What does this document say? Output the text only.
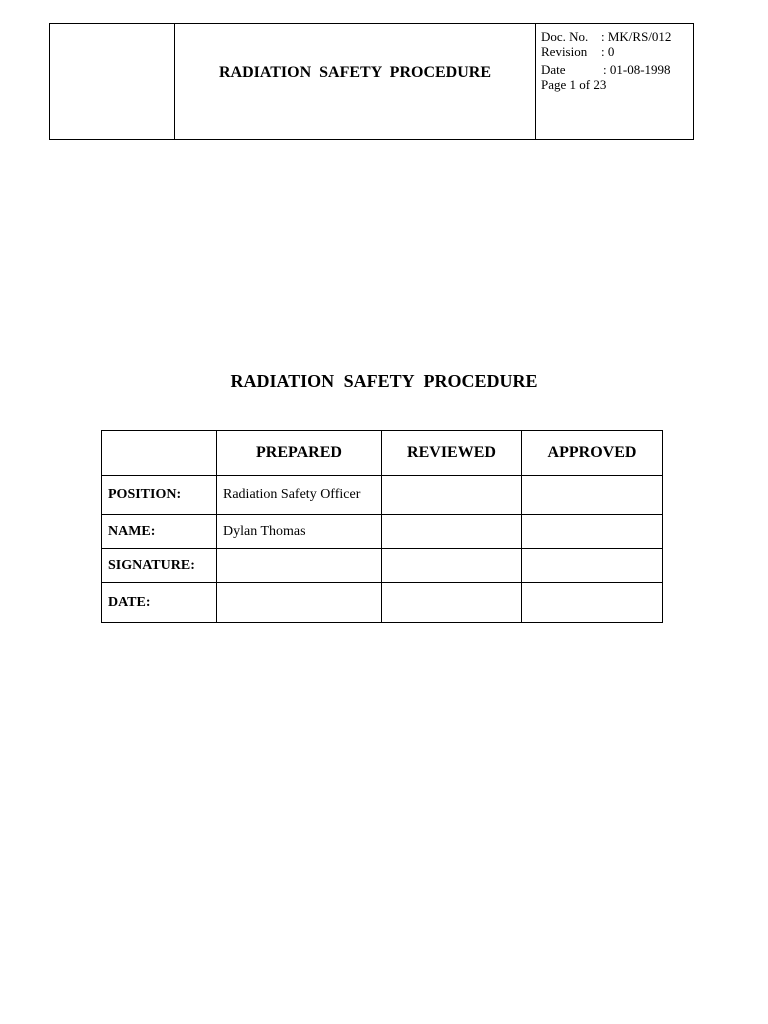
RADIATION SAFETY PROCEDURE
Doc. No. : MK/RS/012
Revision : 0
Date	: 01-08-1998
Page 1 of 23
RADIATION SAFETY PROCEDURE
	PREPARED	REVIEWED	APPROVED
POSITION:	Radiation Safety Officer		
NAME:	Dylan Thomas		
SIGNATURE:			
DATE:			
